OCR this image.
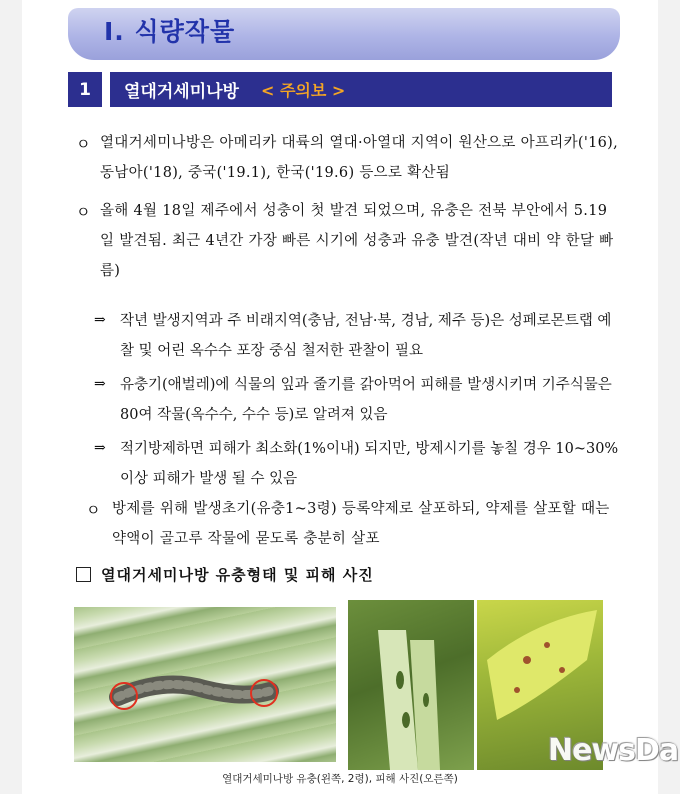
Ⅰ. 식량작물
1	열대거세미나방 < 주의보 >
ㅇ 열대거세미나방은 아메리카 대륙의 열대·아열대 지역이 원산으로 아프리카('16), 동남아('18), 중국('19.1), 한국('19.6) 등으로 확산됨
ㅇ 올해 4월 18일 제주에서 성충이 첫 발견 되었으며, 유충은 전북 부안에서 5.19일 발견됨. 최근 4년간 가장 빠른 시기에 성충과 유충 발견(작년 대비 약 한달 빠름)
⇒ 작년 발생지역과 주 비래지역(충남, 전남·북, 경남, 제주 등)은 성페로몬트랩 예찰 및 어린 옥수수 포장 중심 철저한 관찰이 필요
⇒ 유충기(애벌레)에 식물의 잎과 줄기를 갉아먹어 피해를 발생시키며 기주식물은 80여 작물(옥수수, 수수 등)로 알려져 있음
⇒ 적기방제하면 피해가 최소화(1%이내) 되지만, 방제시기를 놓칠 경우 10~30%이상 피해가 발생 될 수 있음
ㅇ 방제를 위해 발생초기(유충1~3령) 등록약제로 살포하되, 약제를 살포할 때는 약액이 골고루 작물에 묻도록 충분히 살포
열대거세미나방 유충형태 및 피해 사진
열대거세미나방 유충(왼쪽, 2령), 피해 사진(오른쪽)
NewsDa
